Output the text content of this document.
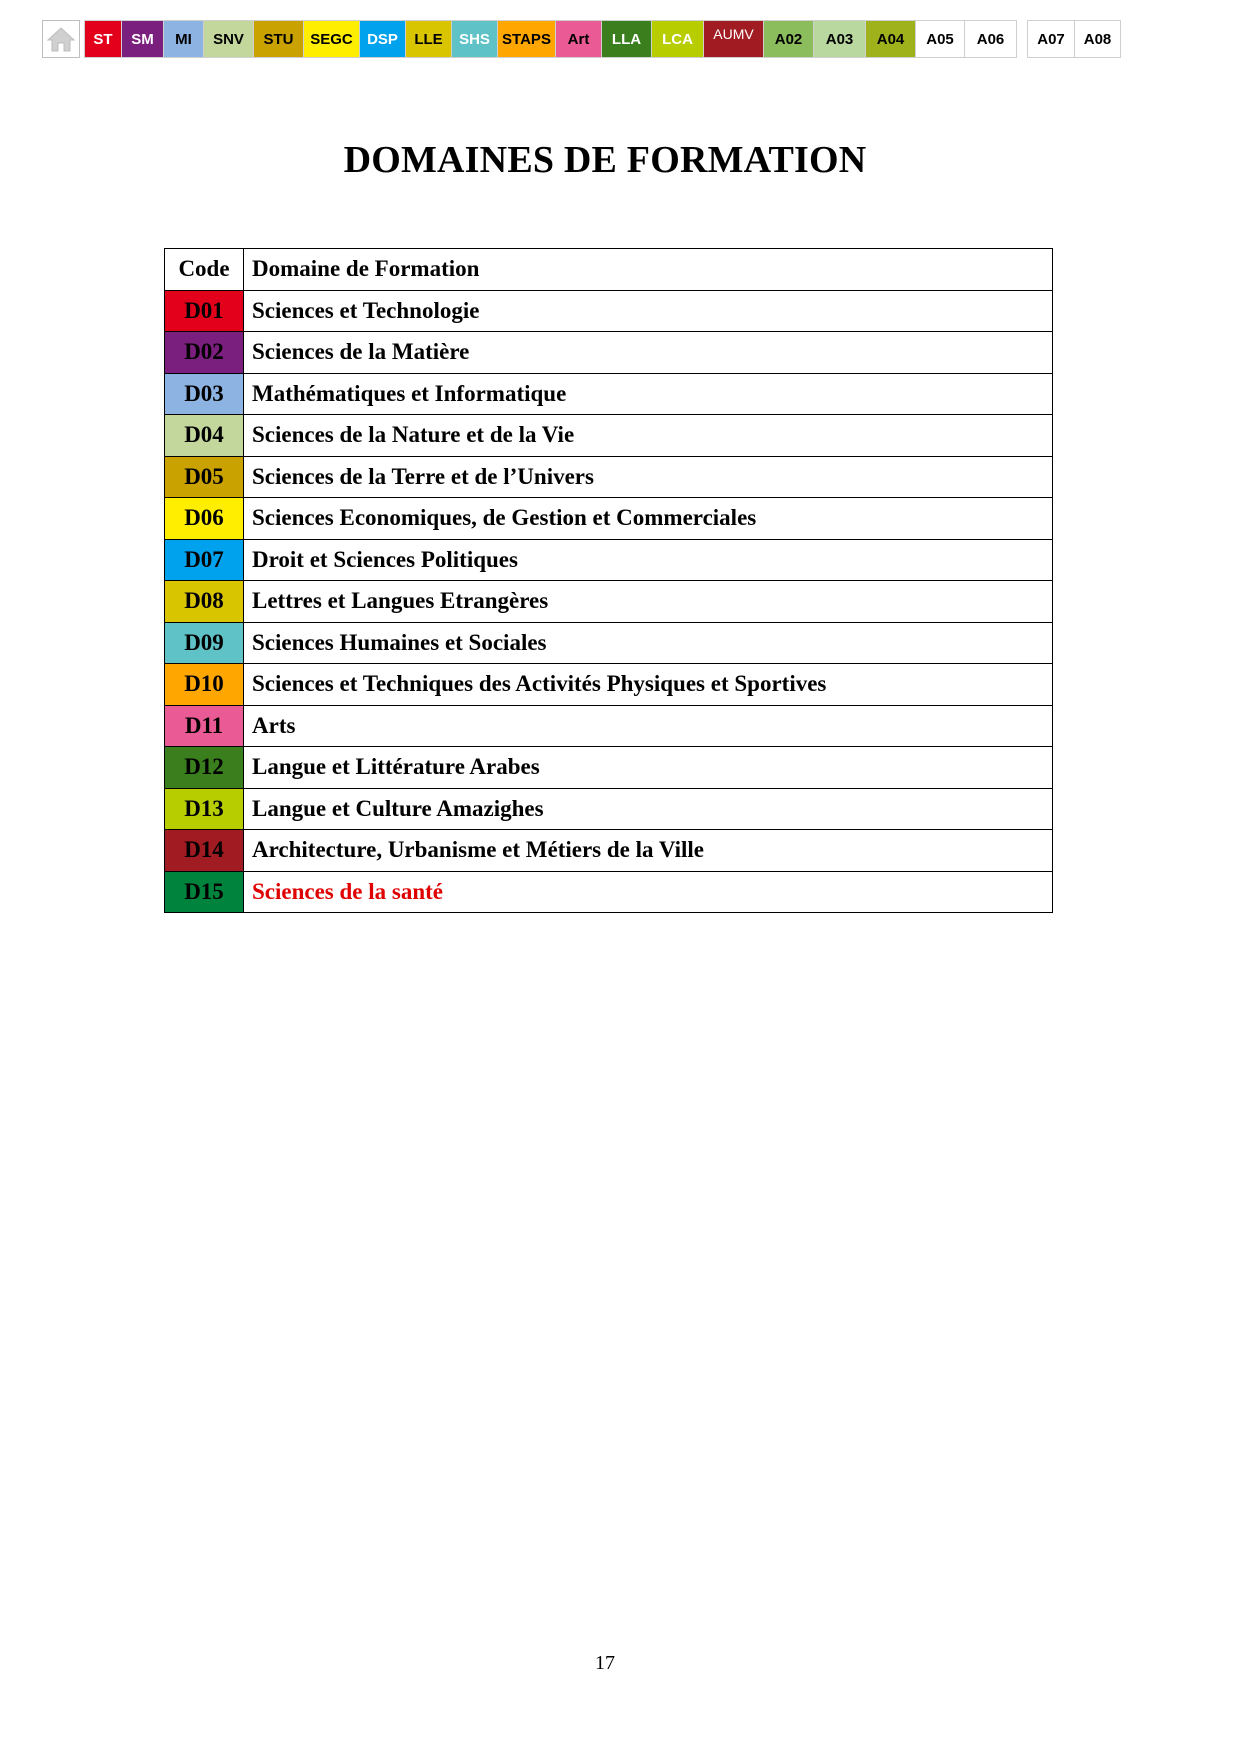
ST	SM	MI	SNV	STU	SEGC DSP	LLE	SHS STAPS	Art	LLA	LCA	AUMV	A02	A03	A04	A05	A06	A07	A08
DOMAINES DE FORMATION
Code	Domaine de Formation
D01	Sciences et Technologie
D02	Sciences de la Matière
D03	Mathématiques et Informatique
D04	Sciences de la Nature et de la Vie
D05	Sciences de la Terre et de l’Univers
D06	Sciences Economiques, de Gestion et Commerciales
D07	Droit et Sciences Politiques
D08	Lettres et Langues Etrangères
D09	Sciences Humaines et Sociales
D10	Sciences et Techniques des Activités Physiques et Sportives
D11	Arts
D12	Langue et Littérature Arabes
D13	Langue et Culture Amazighes
D14	Architecture, Urbanisme et Métiers de la Ville
D15	Sciences de la santé
17
